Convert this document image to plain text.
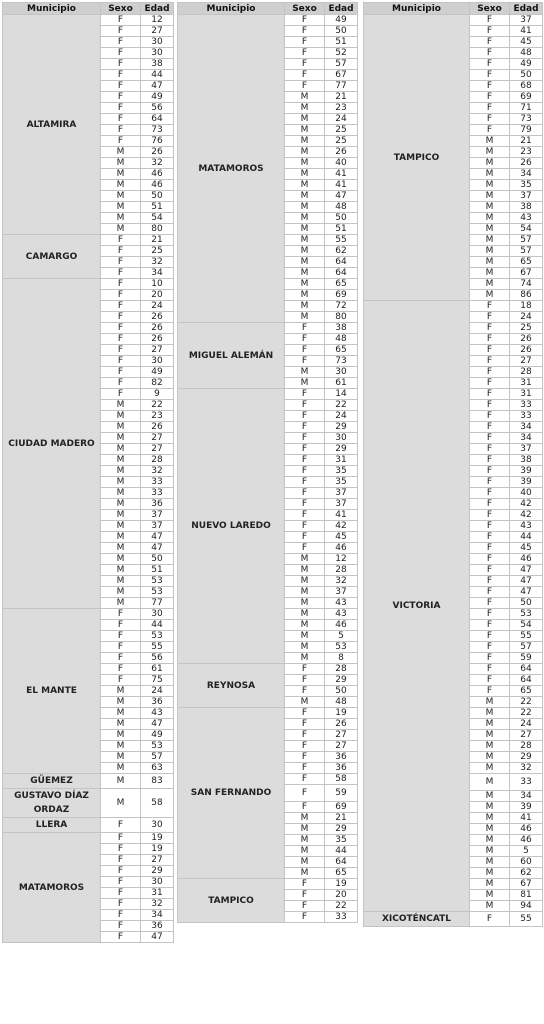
Municipio	Sexo	Edad
ALTAMIRA	F	12
	F	27
	F	30
	F	30
	F	38
	F	44
	F	47
	F	49
	F	56
	F	64
	F	73
	F	76
	M	26
	M	32
	M	46
	M	46
	M	50
	M	51
	M	54
	M	80
CAMARGO	F	21
	F	25
	F	32
	F	34
CIUDAD MADERO	F	10
	F	20
	F	24
	F	26
	F	26
	F	26
	F	27
	F	30
	F	49
	F	82
	F	9
	M	22
	M	23
	M	26
	M	27
	M	27
	M	28
	M	32
	M	33
	M	33
	M	36
	M	37
	M	37
	M	47
	M	47
	M	50
	M	51
	M	53
	M	53
	M	77
EL MANTE	F	30
	F	44
	F	53
	F	55
	F	56
	F	61
	F	75
	M	24
	M	36
	M	43
	M	47
	M	49
	M	53
	M	57
	M	63
GÜEMEZ	M	83
GUSTAVO DÍAZ ORDAZ	M	58
LLERA	F	30
MATAMOROS	F	19
	F	19
	F	27
	F	29
	F	30
	F	31
	F	32
	F	34
	F	36
	F	47
Municipio	Sexo	Edad
MATAMOROS	F	49
	F	50
	F	51
	F	52
	F	57
	F	67
	F	77
	M	21
	M	23
	M	24
	M	25
	M	25
	M	26
	M	40
	M	41
	M	41
	M	47
	M	48
	M	50
	M	51
	M	55
	M	62
	M	64
	M	64
	M	65
	M	69
	M	72
	M	80
MIGUEL ALEMÁN	F	38
	F	48
	F	65
	F	73
	M	30
	M	61
NUEVO LAREDO	F	14
	F	22
	F	24
	F	29
	F	30
	F	29
	F	31
	F	35
	F	35
	F	37
	F	37
	F	41
	F	42
	F	45
	F	46
	M	12
	M	28
	M	32
	M	37
	M	43
	M	43
	M	46
	M	5
	M	53
	M	8
REYNOSA	F	28
	F	29
	F	50
	M	48
SAN FERNANDO	F	19
	F	26
	F	27
	F	27
	F	36
	F	36
	F	58
	F	59
	F	69
	M	21
	M	29
	M	35
	M	44
	M	64
	M	65
TAMPICO	F	19
	F	20
	F	22
	F	33
Municipio	Sexo	Edad
TAMPICO	F	37
	F	41
	F	45
	F	48
	F	49
	F	50
	F	68
	F	69
	F	71
	F	73
	F	79
	M	21
	M	23
	M	26
	M	34
	M	35
	M	37
	M	38
	M	43
	M	54
	M	57
	M	57
	M	65
	M	67
	M	74
	M	86
VICTORIA	F	18
	F	24
	F	25
	F	26
	F	26
	F	27
	F	28
	F	31
	F	31
	F	33
	F	33
	F	34
	F	34
	F	37
	F	38
	F	39
	F	39
	F	40
	F	42
	F	42
	F	43
	F	44
	F	45
	F	46
	F	47
	F	47
	F	47
	F	50
	F	53
	F	54
	F	55
	F	57
	F	59
	F	64
	F	64
	F	65
	M	22
	M	22
	M	24
	M	27
	M	28
	M	29
	M	32
	M	33
	M	34
	M	39
	M	41
	M	46
	M	46
	M	5
	M	60
	M	62
	M	67
	M	81
	M	94
XICOTÉNCATL	F	55
